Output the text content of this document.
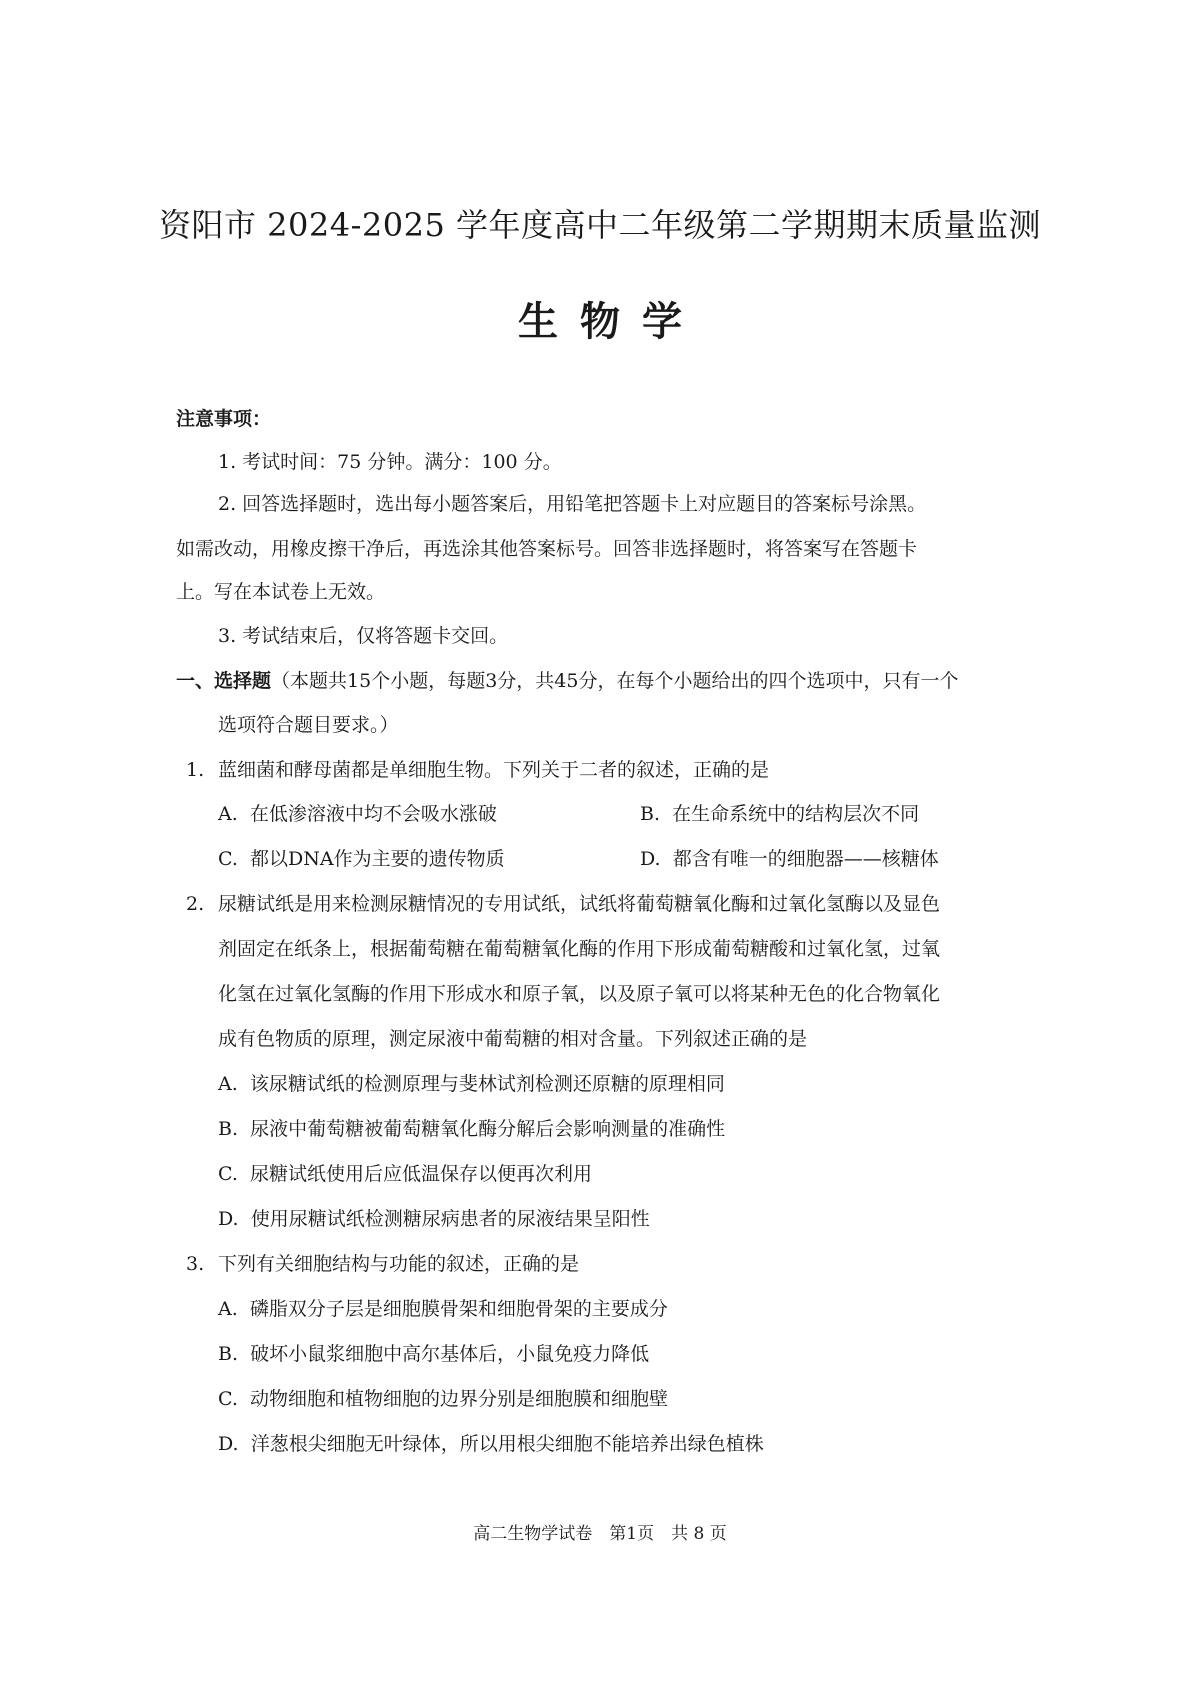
资阳市 2024-2025 学年度高中二年级第二学期期末质量监测
生物学
注意事项：
1. 考试时间：75 分钟。满分：100 分。
2. 回答选择题时，选出每小题答案后，用铅笔把答题卡上对应题目的答案标号涂黑。
如需改动，用橡皮擦干净后，再选涂其他答案标号。回答非选择题时，将答案写在答题卡
上。写在本试卷上无效。
3. 考试结束后，仅将答题卡交回。
一、选择题（本题共15个小题，每题3分，共45分，在每个小题给出的四个选项中，只有一个
选项符合题目要求。）
1. 蓝细菌和酵母菌都是单细胞生物。下列关于二者的叙述，正确的是
A. 在低渗溶液中均不会吸水涨破	B. 在生命系统中的结构层次不同
C. 都以DNA作为主要的遗传物质	D. 都含有唯一的细胞器——核糖体
2. 尿糖试纸是用来检测尿糖情况的专用试纸，试纸将葡萄糖氧化酶和过氧化氢酶以及显色
剂固定在纸条上，根据葡萄糖在葡萄糖氧化酶的作用下形成葡萄糖酸和过氧化氢，过氧
化氢在过氧化氢酶的作用下形成水和原子氧，以及原子氧可以将某种无色的化合物氧化
成有色物质的原理，测定尿液中葡萄糖的相对含量。下列叙述正确的是
A. 该尿糖试纸的检测原理与斐林试剂检测还原糖的原理相同
B. 尿液中葡萄糖被葡萄糖氧化酶分解后会影响测量的准确性
C. 尿糖试纸使用后应低温保存以便再次利用
D. 使用尿糖试纸检测糖尿病患者的尿液结果呈阳性
3. 下列有关细胞结构与功能的叙述，正确的是
A. 磷脂双分子层是细胞膜骨架和细胞骨架的主要成分
B. 破坏小鼠浆细胞中高尔基体后，小鼠免疫力降低
C. 动物细胞和植物细胞的边界分别是细胞膜和细胞壁
D. 洋葱根尖细胞无叶绿体，所以用根尖细胞不能培养出绿色植株
高二生物学试卷　第1页　共 8 页
